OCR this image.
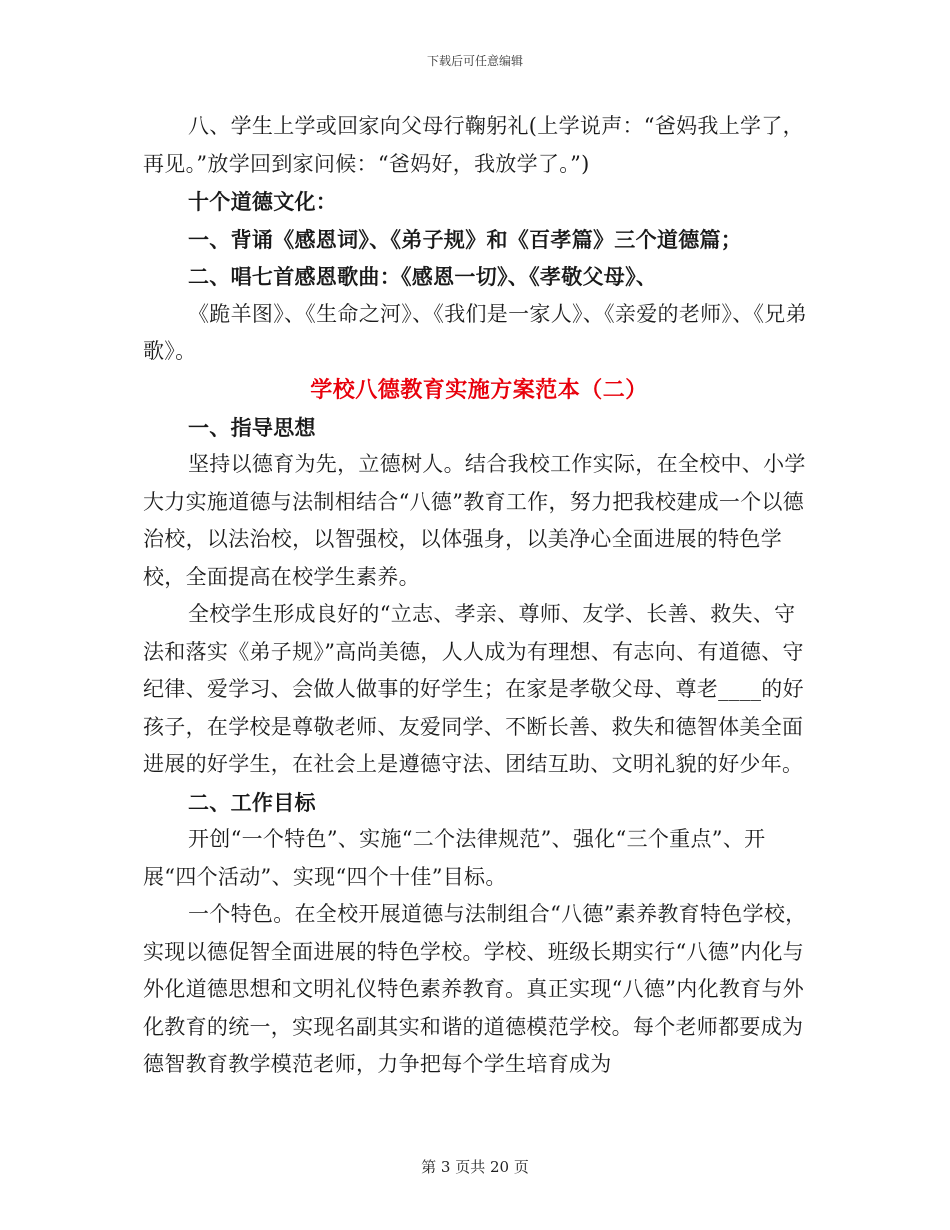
下载后可任意编辑

八、学生上学或回家向父母行鞠躬礼(上学说声：“爸妈我上学了，再见。”放学回到家问候：“爸妈好，我放学了。”)

十个道德文化：

一、背诵《感恩词》、《弟子规》和《百孝篇》三个道德篇；

二、唱七首感恩歌曲：《感恩一切》、《孝敬父母》、

《跪羊图》、《生命之河》、《我们是一家人》、《亲爱的老师》、《兄弟歌》。

学校八德教育实施方案范本（二）

一、指导思想

坚持以德育为先，立德树人。结合我校工作实际，在全校中、小学大力实施道德与法制相结合“八德”教育工作，努力把我校建成一个以德治校，以法治校，以智强校，以体强身，以美净心全面进展的特色学校，全面提高在校学生素养。

全校学生形成良好的“立志、孝亲、尊师、友学、长善、救失、守法和落实《弟子规》”高尚美德，人人成为有理想、有志向、有道德、守纪律、爱学习、会做人做事的好学生；在家是孝敬父母、尊老____的好孩子，在学校是尊敬老师、友爱同学、不断长善、救失和德智体美全面进展的好学生，在社会上是遵德守法、团结互助、文明礼貌的好少年。

二、工作目标

开创“一个特色”、实施“二个法律规范”、强化“三个重点”、开展“四个活动”、实现“四个十佳”目标。

一个特色。在全校开展道德与法制组合“八德”素养教育特色学校，实现以德促智全面进展的特色学校。学校、班级长期实行“八德”内化与外化道德思想和文明礼仪特色素养教育。真正实现“八德”内化教育与外化教育的统一，实现名副其实和谐的道德模范学校。每个老师都要成为德智教育教学模范老师，力争把每个学生培育成为

第 3 页共 20 页
